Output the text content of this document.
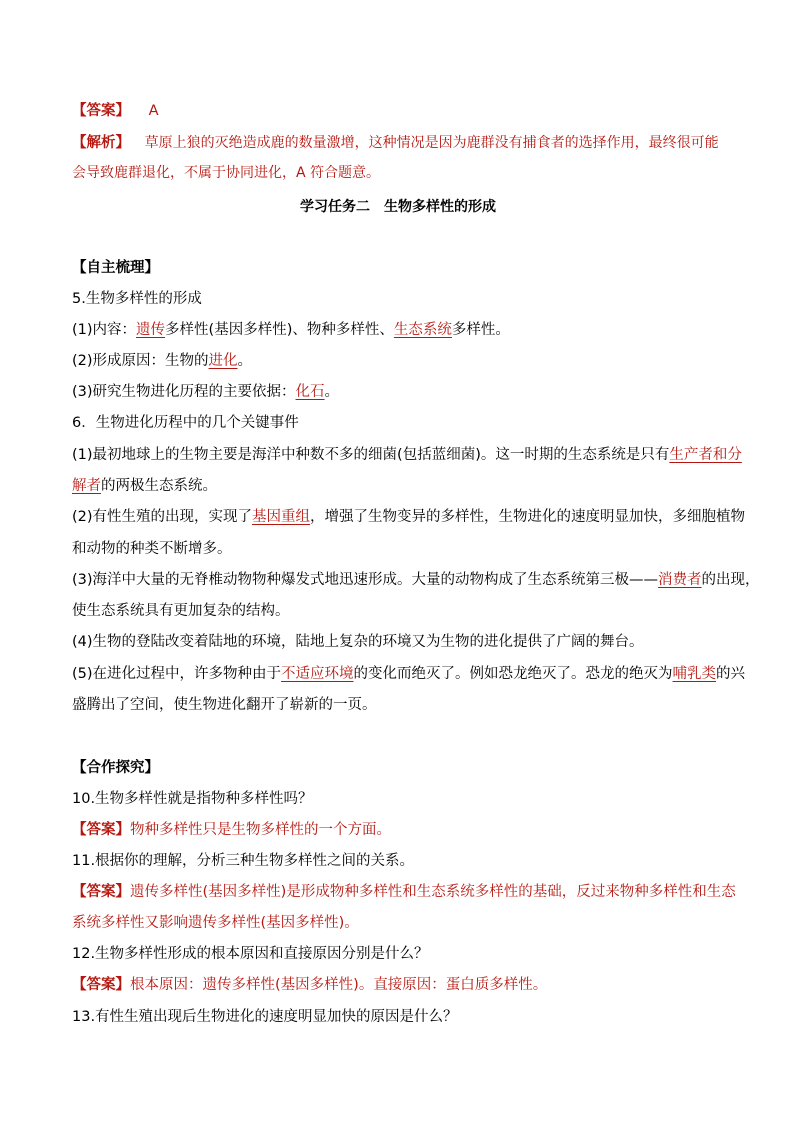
【答案】 A
【解析】 草原上狼的灭绝造成鹿的数量激增，这种情况是因为鹿群没有捕食者的选择作用，最终很可能
会导致鹿群退化，不属于协同进化，A 符合题意。
学习任务二　生物多样性的形成
【自主梳理】
5.生物多样性的形成
(1)内容：遗传多样性(基因多样性)、物种多样性、生态系统多样性。
(2)形成原因：生物的进化。
(3)研究生物进化历程的主要依据：化石。
6．生物进化历程中的几个关键事件
(1)最初地球上的生物主要是海洋中种数不多的细菌(包括蓝细菌)。这一时期的生态系统是只有生产者和分
解者的两极生态系统。
(2)有性生殖的出现，实现了基因重组，增强了生物变异的多样性，生物进化的速度明显加快，多细胞植物
和动物的种类不断增多。
(3)海洋中大量的无脊椎动物物种爆发式地迅速形成。大量的动物构成了生态系统第三极——消费者的出现，
使生态系统具有更加复杂的结构。
(4)生物的登陆改变着陆地的环境，陆地上复杂的环境又为生物的进化提供了广阔的舞台。
(5)在进化过程中，许多物种由于不适应环境的变化而绝灭了。例如恐龙绝灭了。恐龙的绝灭为哺乳类的兴
盛腾出了空间，使生物进化翻开了崭新的一页。
【合作探究】
10.生物多样性就是指物种多样性吗？
【答案】物种多样性只是生物多样性的一个方面。
11.根据你的理解，分析三种生物多样性之间的关系。
【答案】遗传多样性(基因多样性)是形成物种多样性和生态系统多样性的基础，反过来物种多样性和生态
系统多样性又影响遗传多样性(基因多样性)。
12.生物多样性形成的根本原因和直接原因分别是什么？
【答案】根本原因：遗传多样性(基因多样性)。直接原因：蛋白质多样性。
13.有性生殖出现后生物进化的速度明显加快的原因是什么？
